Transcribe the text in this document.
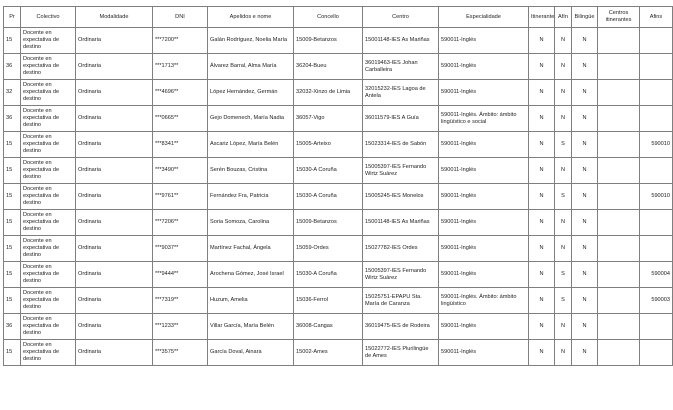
Pr	Colectivo	Modalidade	DNI	Apelidos e nome	Concello	Centro	Especialidade	Itinerante	Afín	Bilingüe	Centros itinerantes	Afins
15	Docente en expectativa de destino	Ordinaria	***7200**	Galán Rodríguez, Noelia María	15009-Betanzos	15001148-IES As Mariñas	590011-Inglés	N	N	N		
36	Docente en expectativa de destino	Ordinaria	***1713**	Álvarez Barral, Alma María	36204-Bueu	36019463-IES Johan Carballeira	590011-Inglés	N	N	N		
32	Docente en expectativa de destino	Ordinaria	***4696**	López Hernández, Germán	32032-Xinzo de Limia	32015232-IES Lagoa de Antela	590011-Inglés	N	N	N		
36	Docente en expectativa de destino	Ordinaria	***0665**	Gejo Domenech, María Nadia	36057-Vigo	36011579-IES A Guía	590011-Inglés. Ámbito: ámbito lingüístico e social	N	N	N		
15	Docente en expectativa de destino	Ordinaria	***8341**	Ascariz López, María Belén	15005-Arteixo	15023314-IES de Sabón	590011-Inglés	N	S	N		590010
15	Docente en expectativa de destino	Ordinaria	***3490**	Serén Bouzas, Cristina	15030-A Coruña	15005397-IES Fernando Wirtz Suárez	590011-Inglés	N	N	N		
15	Docente en expectativa de destino	Ordinaria	***9761**	Fernández Fra, Patricia	15030-A Coruña	15005245-IES Monelos	590011-Inglés	N	S	N		590010
15	Docente en expectativa de destino	Ordinaria	***7206**	Soria Somoza, Carolina	15009-Betanzos	15001148-IES As Mariñas	590011-Inglés	N	N	N		
15	Docente en expectativa de destino	Ordinaria	***9037**	Martínez Fachal, Ángela	15059-Ordes	15027782-IES Ordes	590011-Inglés	N	N	N		
15	Docente en expectativa de destino	Ordinaria	***9444**	Arochena Gómez, José Israel	15030-A Coruña	15005397-IES Fernando Wirtz Suárez	590011-Inglés	N	S	N		590004
15	Docente en expectativa de destino	Ordinaria	***7319**	Huzum, Amelia	15036-Ferrol	15025751-EPAPU Sta. María de Caranza	590011-Inglés. Ámbito: ámbito lingüístico	N	S	N		590003
36	Docente en expectativa de destino	Ordinaria	***1233**	Villar García, María Belén	36008-Cangas	36019475-IES de Rodeira	590011-Inglés	N	N	N		
15	Docente en expectativa de destino	Ordinaria	***3575**	García Doval, Ainara	15002-Ames	15022772-IES Plurilingüe de Ames	590011-Inglés	N	N	N		
